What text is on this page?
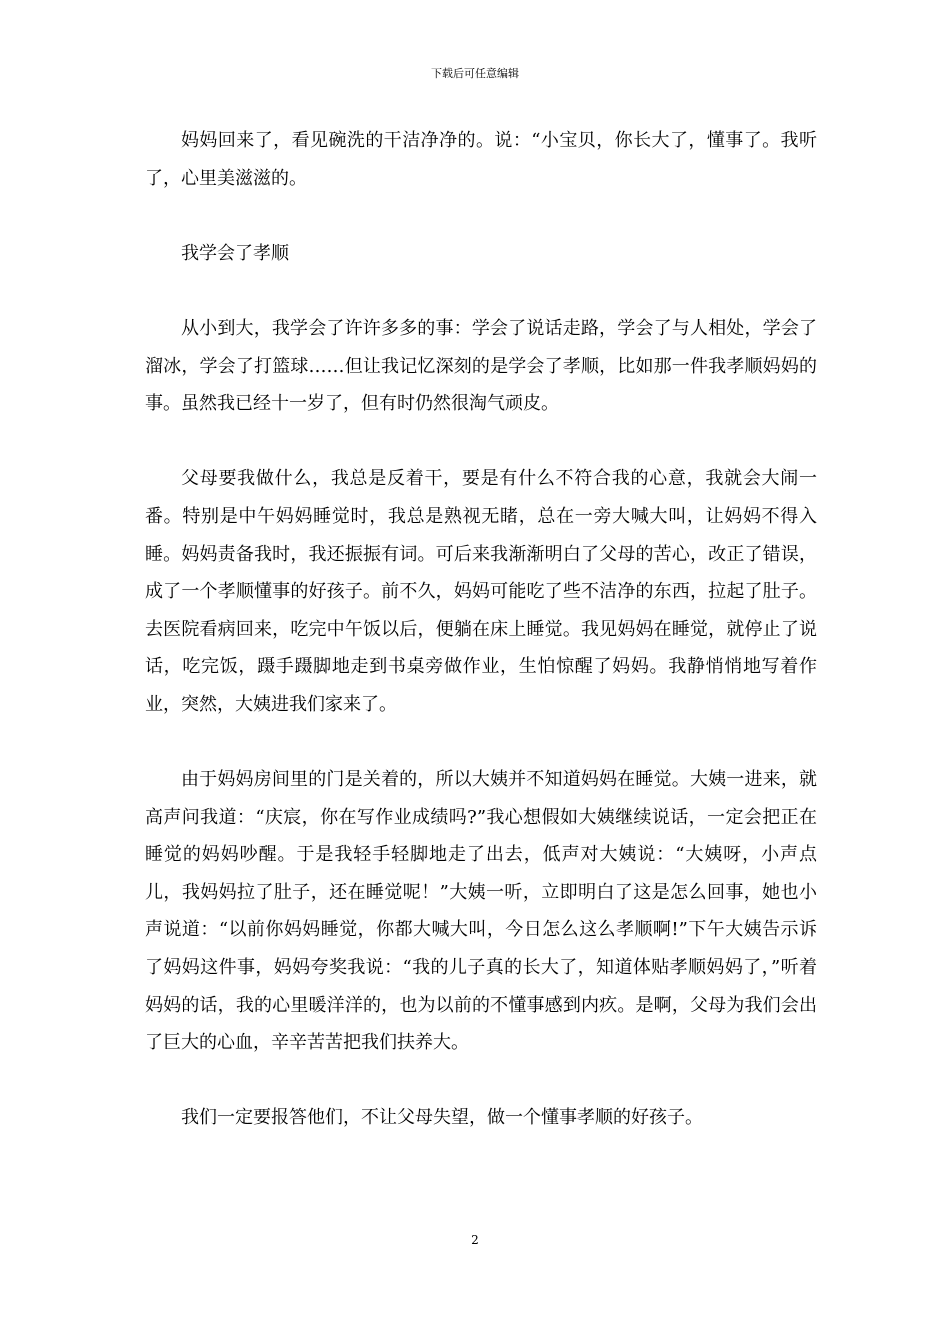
下载后可任意编辑

妈妈回来了，看见碗洗的干洁净净的。说：“小宝贝，你长大了，懂事了。我听了，心里美滋滋的。

我学会了孝顺

从小到大，我学会了许许多多的事：学会了说话走路，学会了与人相处，学会了溜冰，学会了打篮球……但让我记忆深刻的是学会了孝顺，比如那一件我孝顺妈妈的事。虽然我已经十一岁了，但有时仍然很淘气顽皮。

父母要我做什么，我总是反着干，要是有什么不符合我的心意，我就会大闹一番。特别是中午妈妈睡觉时，我总是熟视无睹，总在一旁大喊大叫，让妈妈不得入睡。妈妈责备我时，我还振振有词。可后来我渐渐明白了父母的苦心，改正了错误，成了一个孝顺懂事的好孩子。前不久，妈妈可能吃了些不洁净的东西，拉起了肚子。去医院看病回来，吃完中午饭以后，便躺在床上睡觉。我见妈妈在睡觉，就停止了说话，吃完饭，蹑手蹑脚地走到书桌旁做作业，生怕惊醒了妈妈。我静悄悄地写着作业，突然，大姨进我们家来了。

由于妈妈房间里的门是关着的，所以大姨并不知道妈妈在睡觉。大姨一进来，就高声问我道：“庆宸，你在写作业成绩吗?”我心想假如大姨继续说话，一定会把正在睡觉的妈妈吵醒。于是我轻手轻脚地走了出去，低声对大姨说：“大姨呀，小声点儿，我妈妈拉了肚子，还在睡觉呢！”大姨一听，立即明白了这是怎么回事，她也小声说道：“以前你妈妈睡觉，你都大喊大叫，今日怎么这么孝顺啊!”下午大姨告示诉了妈妈这件事，妈妈夸奖我说：“我的儿子真的长大了，知道体贴孝顺妈妈了，”听着妈妈的话，我的心里暖洋洋的，也为以前的不懂事感到内疚。是啊，父母为我们会出了巨大的心血，辛辛苦苦把我们扶养大。

我们一定要报答他们，不让父母失望，做一个懂事孝顺的好孩子。

2
